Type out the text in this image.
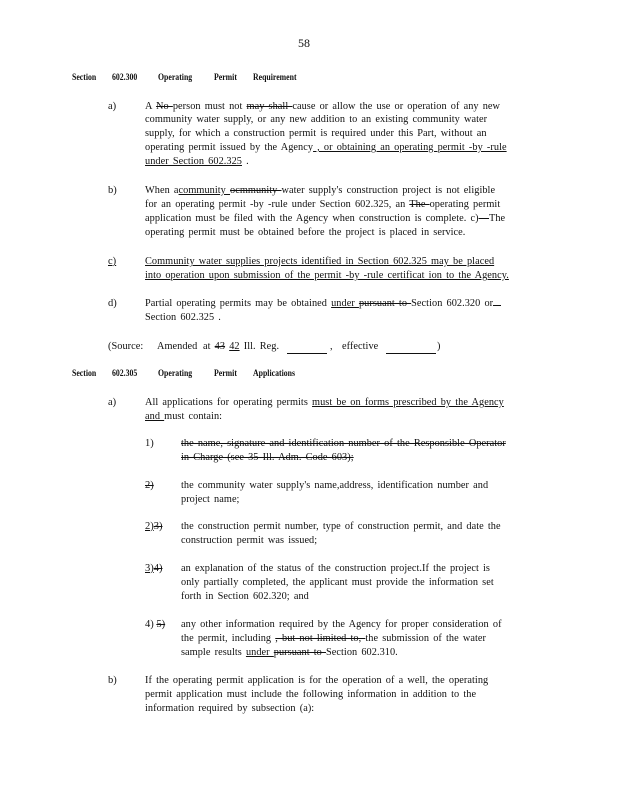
58
Section 602.300 Operating Permit Requirement
a)	A No person must not may shall cause or allow the use or operation of any new
community water supply, or any new addition to an existing community water
supply, for which a construction permit is required under this Part, without an
operating permit issued by the Agency , or obtaining an operating permit -by -rule
under Section 602.325 .
b)	When acommunity ocmmunity water supply's construction project is not eligible
for an operating permit -by -rule under Section 602.325, an The operating permit
application must be filed with the Agency when construction is complete. c)—The
operating permit must be obtained before the project is placed in service.
c)	Community water supplies projects identified in Section 602.325 may be placed
into operation upon submission of the permit -by -rule certificat ion to the Agency.
d)	Partial operating permits may be obtained under pursuant to Section 602.320 or
Section 602.325 .
(Source: Amended at 43 42 Ill. Reg.	, effective	)
Section 602.305 Operating Permit Applications
a)	All applications for operating permits must be on forms prescribed by the Agency
and must contain:
1)	the name, signature and identification number of the Responsible Operator
in Charge (see 35 Ill. Adm. Code 603);
2)	the community water supply's name,address, identification number and
project name;
2)3) the construction permit number, type of construction permit, and date the
construction permit was issued;
3)4) an explanation of the status of the construction project.If the project is
only partially completed, the applicant must provide the information set
forth in Section 602.320; and
4) 5) any other information required by the Agency for proper consideration of
the permit, including , but not limited to, the submission of the water
sample results under pursuant to Section 602.310.
b)	If the operating permit application is for the operation of a well, the operating
permit application must include the following information in addition to the
information required by subsection (a):
